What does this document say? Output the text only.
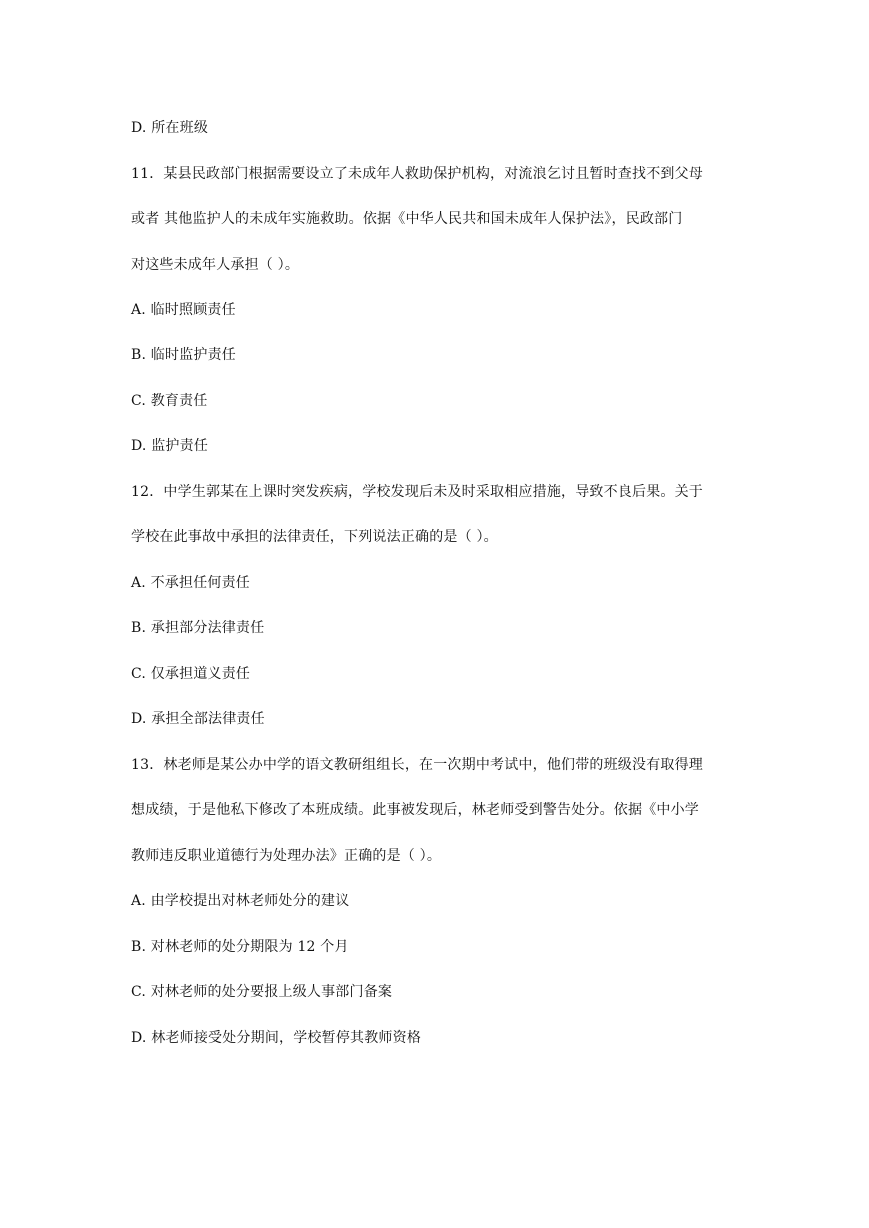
D. 所在班级
11．某县民政部门根据需要设立了未成年人救助保护机构，对流浪乞讨且暂时查找不到父母
或者 其他监护人的未成年实施救助。依据《中华人民共和国未成年人保护法》，民政部门
对这些未成年人承担（ ）。
A. 临时照顾责任
B. 临时监护责任
C. 教育责任
D. 监护责任
12．中学生郭某在上课时突发疾病，学校发现后未及时采取相应措施，导致不良后果。关于
学校在此事故中承担的法律责任，下列说法正确的是（ ）。
A. 不承担任何责任
B. 承担部分法律责任
C. 仅承担道义责任
D. 承担全部法律责任
13．林老师是某公办中学的语文教研组组长，在一次期中考试中，他们带的班级没有取得理
想成绩，于是他私下修改了本班成绩。此事被发现后，林老师受到警告处分。依据《中小学
教师违反职业道德行为处理办法》正确的是（ ）。
A. 由学校提出对林老师处分的建议
B. 对林老师的处分期限为 12 个月
C. 对林老师的处分要报上级人事部门备案
D. 林老师接受处分期间，学校暂停其教师资格
